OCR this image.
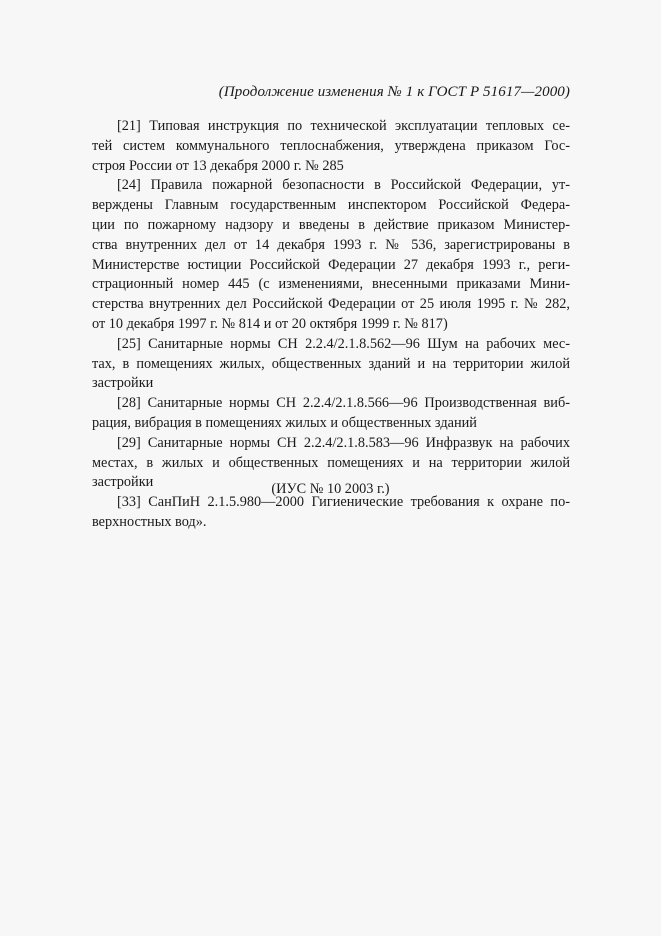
(Продолжение изменения № 1 к ГОСТ Р 51617—2000)
[21] Типовая инструкция по технической эксплуатации тепловых се-
тей систем коммунального теплоснабжения, утверждена приказом Гос-
строя России от 13 декабря 2000 г. № 285
[24] Правила пожарной безопасности в Российской Федерации, ут-
верждены Главным государственным инспектором Российской Федера-
ции по пожарному надзору и введены в действие приказом Министер-
ства внутренних дел от 14 декабря 1993 г. № 536, зарегистрированы в
Министерстве юстиции Российской Федерации 27 декабря 1993 г., реги-
страционный номер 445 (с изменениями, внесенными приказами Мини-
стерства внутренних дел Российской Федерации от 25 июля 1995 г. № 282,
от 10 декабря 1997 г. № 814 и от 20 октября 1999 г. № 817)
[25] Санитарные нормы СН 2.2.4/2.1.8.562—96 Шум на рабочих мес-
тах, в помещениях жилых, общественных зданий и на территории жилой
застройки
[28] Санитарные нормы СН 2.2.4/2.1.8.566—96 Производственная виб-
рация, вибрация в помещениях жилых и общественных зданий
[29] Санитарные нормы СН 2.2.4/2.1.8.583—96 Инфразвук на рабочих
местах, в жилых и общественных помещениях и на территории жилой
застройки
[33] СанПиН 2.1.5.980—2000 Гигиенические требования к охране по-
верхностных вод».
(ИУС № 10 2003 г.)
